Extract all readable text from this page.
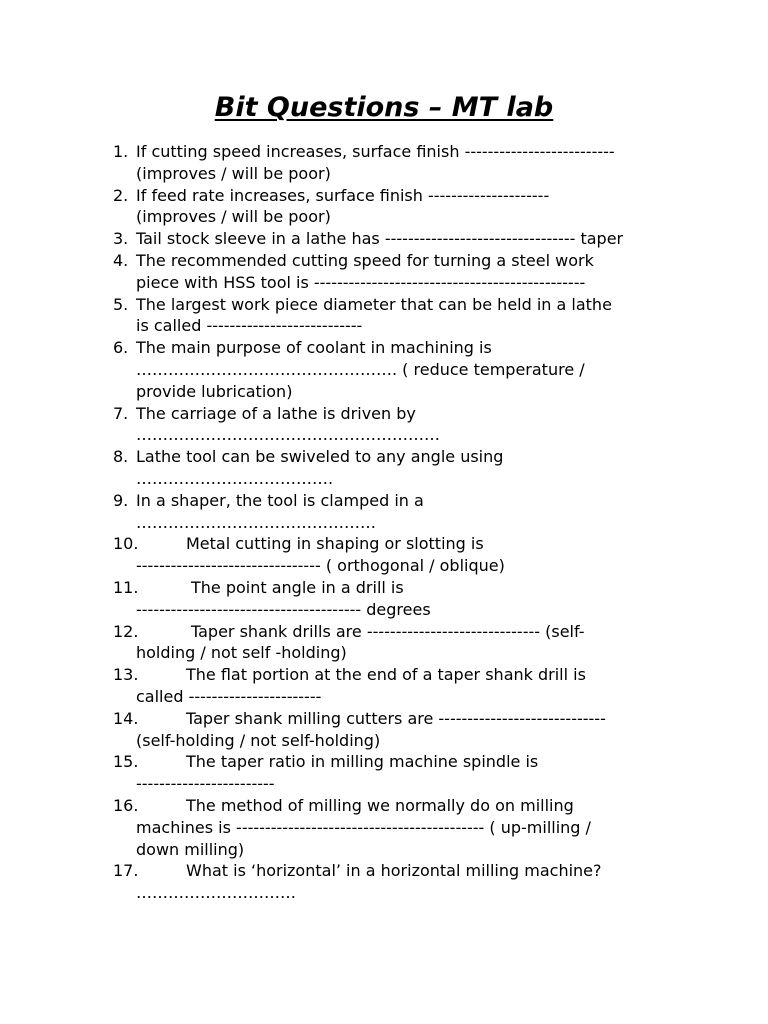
Bit Questions – MT lab
1. If cutting speed increases, surface finish --------------------------
(improves / will be poor)
2. If feed rate increases, surface finish ---------------------
(improves / will be poor)
3. Tail stock sleeve in a lathe has --------------------------------- taper
4. The recommended cutting speed for turning a steel work
piece with HSS tool is -----------------------------------------------
5. The largest work piece diameter that can be held in a lathe
is called ---------------------------
6. The main purpose of coolant in machining is
…………………………………………. ( reduce temperature /
provide lubrication)
7. The carriage of a lathe is driven by
…………………………………………………
8. Lathe tool can be swiveled to any angle using
……………………………….
9. In a shaper, the tool is clamped in a
………………………………………
10.	Metal cutting in shaping or slotting is
-------------------------------- ( orthogonal / oblique)
11.	The point angle in a drill is
--------------------------------------- degrees
12.	Taper shank drills are ------------------------------ (self-
holding / not self -holding)
13.	The flat portion at the end of a taper shank drill is
called -----------------------
14.	Taper shank milling cutters are -----------------------------
(self-holding / not self-holding)
15.	The taper ratio in milling machine spindle is
------------------------
16.	The method of milling we normally do on milling
machines is ------------------------------------------- ( up-milling /
down milling)
17.	What is ‘horizontal’ in a horizontal milling machine?
…………………………
